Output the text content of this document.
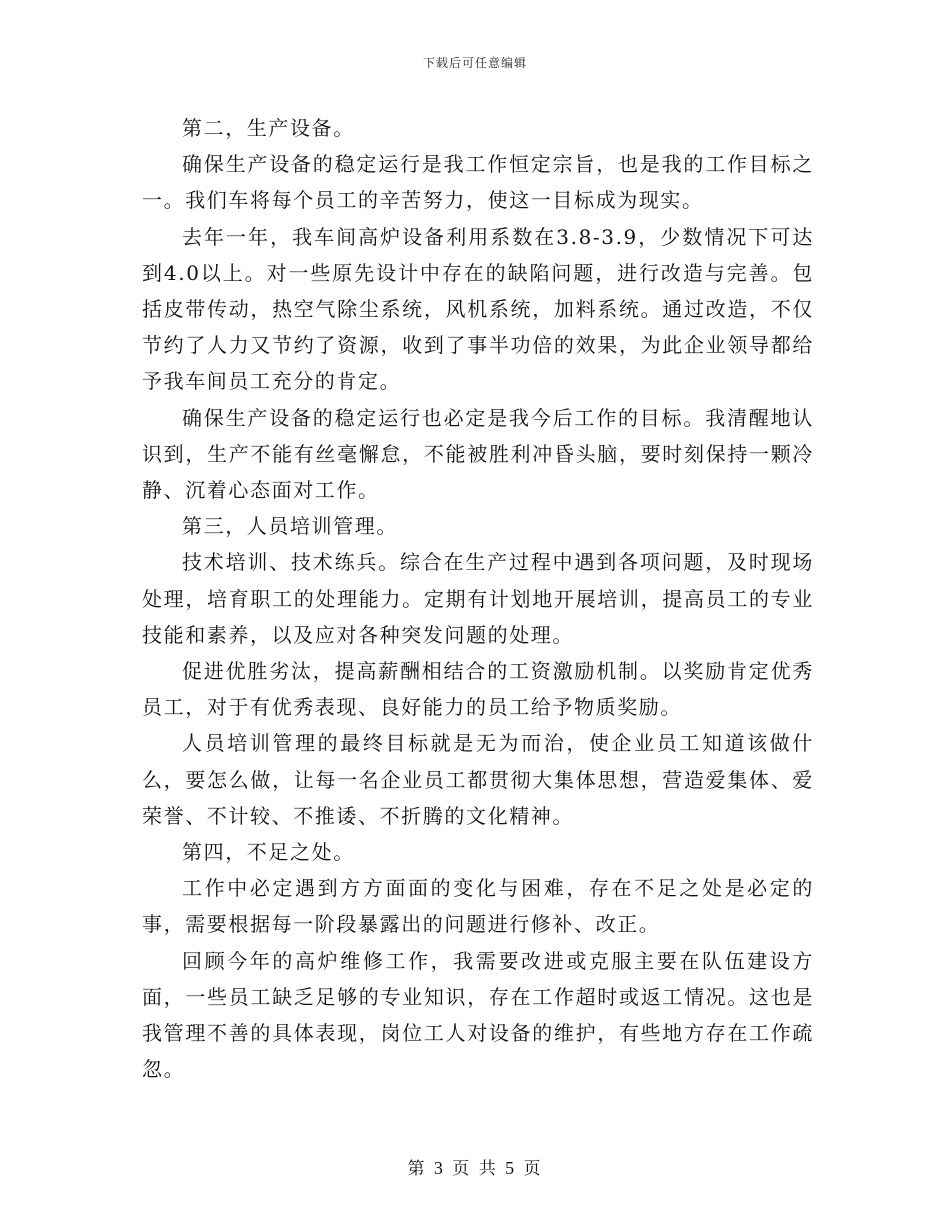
下载后可任意编辑

第二，生产设备。

确保生产设备的稳定运行是我工作恒定宗旨，也是我的工作目标之一。我们车将每个员工的辛苦努力，使这一目标成为现实。

去年一年，我车间高炉设备利用系数在3.8-3.9，少数情况下可达到4.0以上。对一些原先设计中存在的缺陷问题，进行改造与完善。包括皮带传动，热空气除尘系统，风机系统，加料系统。通过改造，不仅节约了人力又节约了资源，收到了事半功倍的效果，为此企业领导都给予我车间员工充分的肯定。

确保生产设备的稳定运行也必定是我今后工作的目标。我清醒地认识到，生产不能有丝毫懈怠，不能被胜利冲昏头脑，要时刻保持一颗冷静、沉着心态面对工作。

第三，人员培训管理。

技术培训、技术练兵。综合在生产过程中遇到各项问题，及时现场处理，培育职工的处理能力。定期有计划地开展培训，提高员工的专业技能和素养，以及应对各种突发问题的处理。

促进优胜劣汰，提高薪酬相结合的工资激励机制。以奖励肯定优秀员工，对于有优秀表现、良好能力的员工给予物质奖励。

人员培训管理的最终目标就是无为而治，使企业员工知道该做什么，要怎么做，让每一名企业员工都贯彻大集体思想，营造爱集体、爱荣誉、不计较、不推诿、不折腾的文化精神。

第四，不足之处。

工作中必定遇到方方面面的变化与困难，存在不足之处是必定的事，需要根据每一阶段暴露出的问题进行修补、改正。

回顾今年的高炉维修工作，我需要改进或克服主要在队伍建设方面，一些员工缺乏足够的专业知识，存在工作超时或返工情况。这也是我管理不善的具体表现，岗位工人对设备的维护，有些地方存在工作疏忽。

第 3 页 共 5 页
